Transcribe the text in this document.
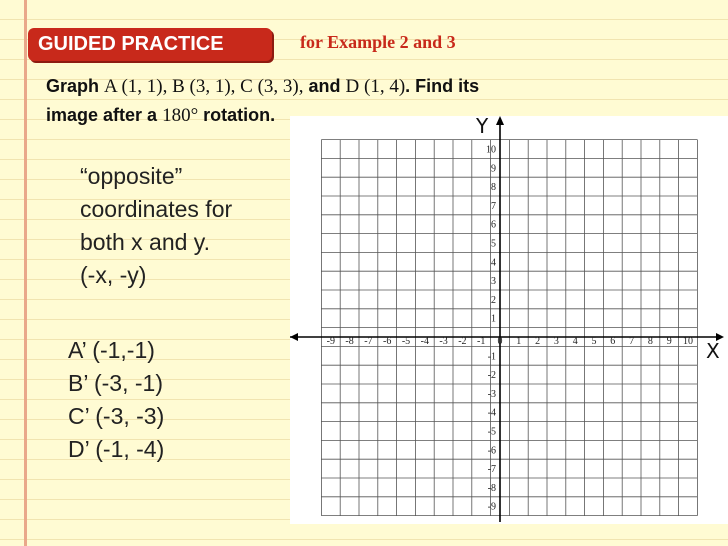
GUIDED PRACTICE	for Example 2 and 3
Graph A (1, 1), B (3, 1), C (3, 3), and D (1, 4). Find its
image after a 180° rotation.
X
Y
-9 -8 -7 -6 -5 -4 -3 -2 -1 0 1 2 3 4 5 6 7 8 9 10
10
9
8
7
6
5
4
3
2
1
-1
-2
-3
-4
-5
-6
-7
-8
-9
“opposite”
coordinates for
both x and y.
(-x, -y)
A’ (-1,-1)
B’ (-3, -1)
C’ (-3, -3)
D’ (-1, -4)
